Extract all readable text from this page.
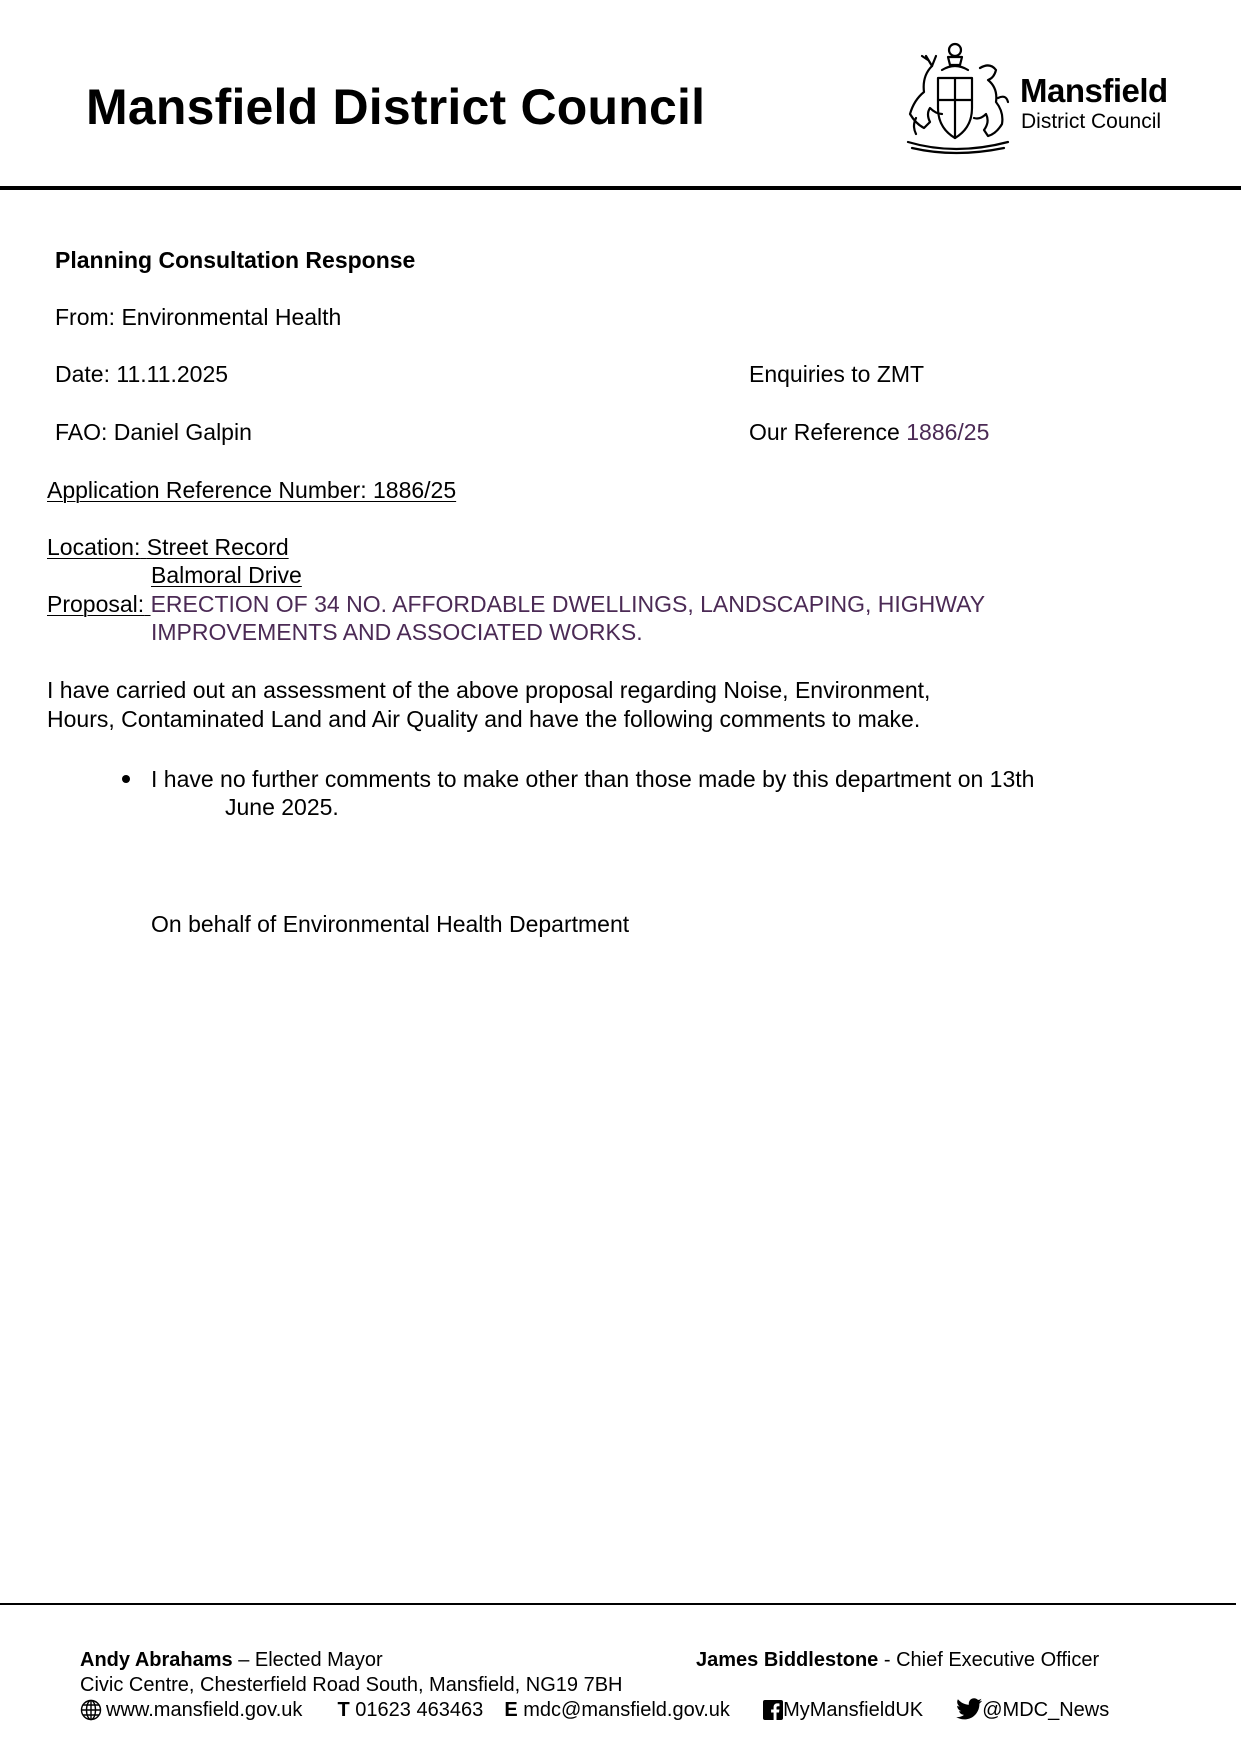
Mansfield District Council	Mansfield
District Council
Planning Consultation Response
From: Environmental Health
Date: 11.11.2025	Enquiries to ZMT
FAO: Daniel Galpin	Our Reference 1886/25
Application Reference Number: 1886/25
Location: Street Record
Balmoral Drive
Proposal: ERECTION OF 34 NO. AFFORDABLE DWELLINGS, LANDSCAPING, HIGHWAY
IMPROVEMENTS AND ASSOCIATED WORKS.
I have carried out an assessment of the above proposal regarding Noise, Environment,
Hours, Contaminated Land and Air Quality and have the following comments to make.
I have no further comments to make other than those made by this department on 13th
June 2025.
On behalf of Environmental Health Department
Andy Abrahams – Elected Mayor	James Biddlestone - Chief Executive Officer
Civic Centre, Chesterfield Road South, Mansfield, NG19 7BH
www.mansfield.gov.uk T 01623 463463 E mdc@mansfield.gov.uk	MyMansfieldUK	@MDC_News
